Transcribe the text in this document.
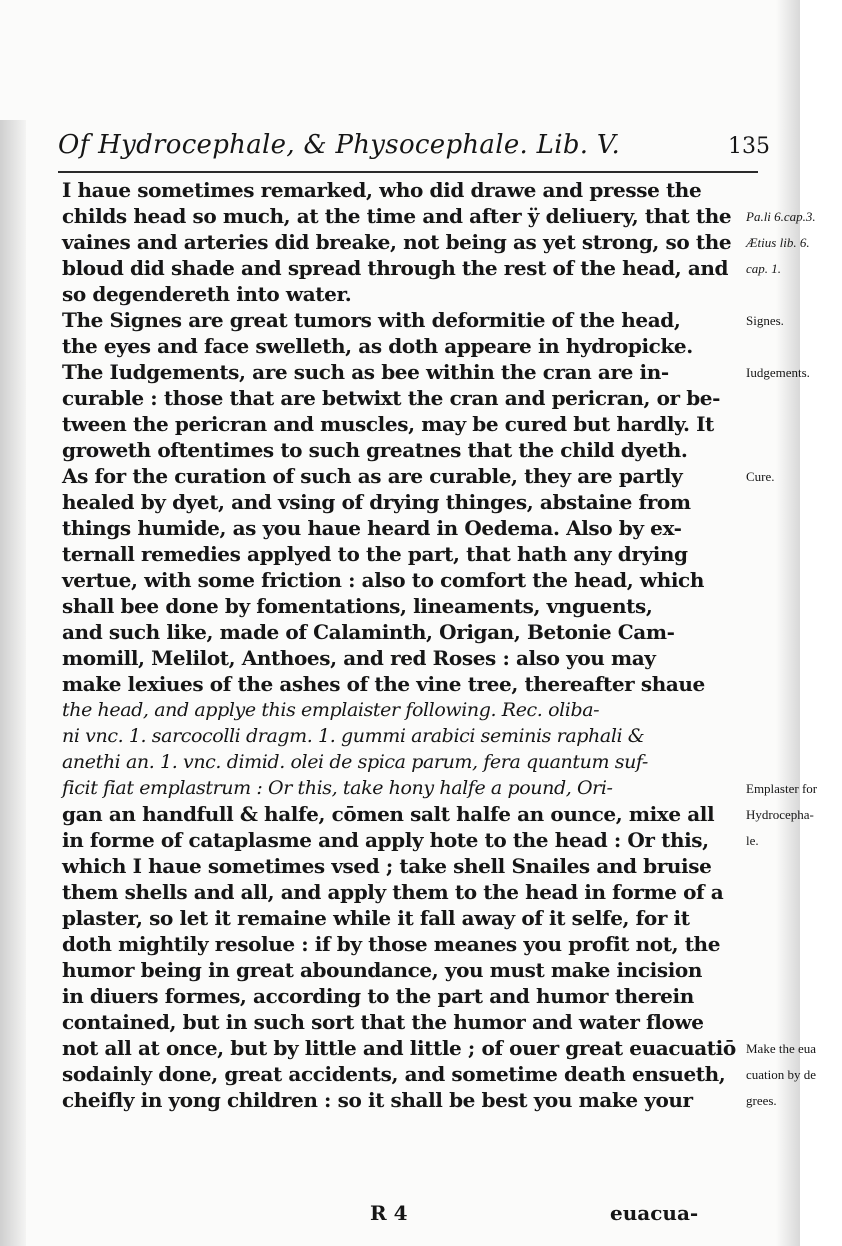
Of Hydrocephale, & Physocephale. Lib. V.	135
I haue sometimes remarked, who did drawe and presse the
childs head so much, at the time and after ÿ deliuery, that the
vaines and arteries did breake, not being as yet strong, so the
bloud did shade and spread through the rest of the head, and
so degendereth into water.
The Signes are great tumors with deformitie of the head,
the eyes and face swelleth, as doth appeare in hydropicke.
The Iudgements, are such as bee within the cran are in-
curable : those that are betwixt the cran and pericran, or be-
tween the pericran and muscles, may be cured but hardly. It
groweth oftentimes to such greatnes that the child dyeth.
As for the curation of such as are curable, they are partly
healed by dyet, and vsing of drying thinges, abstaine from
things humide, as you haue heard in Oedema. Also by ex-
ternall remedies applyed to the part, that hath any drying
vertue, with some friction : also to comfort the head, which
shall bee done by fomentations, lineaments, vnguents,
and such like, made of Calaminth, Origan, Betonie Cam-
momill, Melilot, Anthoes, and red Roses : also you may
make lexiues of the ashes of the vine tree, thereafter shaue
the head, and applye this emplaister following. Rec. oliba-
ni vnc. 1. sarcocolli dragm. 1. gummi arabici seminis raphali &
anethi an. 1. vnc. dimid. olei de spica parum, fera quantum suf-
ficit fiat emplastrum : Or this, take hony halfe a pound, Ori-
gan an handfull & halfe, cōmen salt halfe an ounce, mixe all
in forme of cataplasme and apply hote to the head : Or this,
which I haue sometimes vsed ; take shell Snailes and bruise
them shells and all, and apply them to the head in forme of a
plaster, so let it remaine while it fall away of it selfe, for it
doth mightily resolue : if by those meanes you profit not, the
humor being in great aboundance, you must make incision
in diuers formes, according to the part and humor therein
contained, but in such sort that the humor and water flowe
not all at once, but by little and little ; of ouer great euacuatiō
sodainly done, great accidents, and sometime death ensueth,
cheifly in yong children : so it shall be best you make your
Pa.li 6.cap.3.
Ætius lib. 6.
cap. 1.
Signes.
Iudgements.
Cure.
Emplaster for
Hydrocepha-
le.
Make the eua
cuation by de
grees.
R 4	euacua-
